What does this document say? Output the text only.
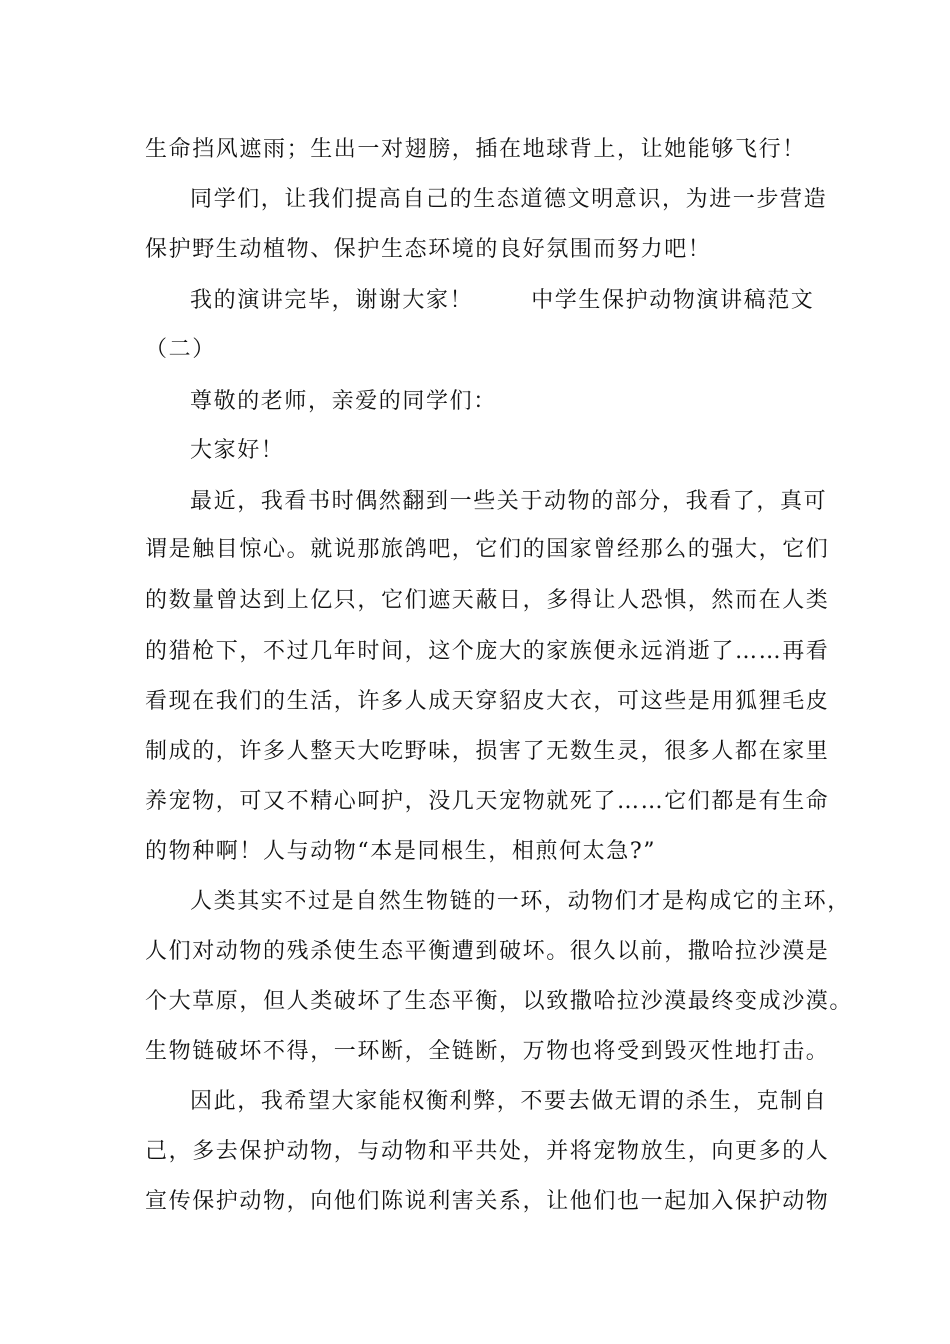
生命挡风遮雨；生出一对翅膀，插在地球背上，让她能够飞行！
同学们，让我们提高自己的生态道德文明意识，为进一步营造
保护野生动植物、保护生态环境的良好氛围而努力吧！
我的演讲完毕，谢谢大家！	中学生保护动物演讲稿范文
（二）
尊敬的老师，亲爱的同学们：
大家好！
最近，我看书时偶然翻到一些关于动物的部分，我看了，真可
谓是触目惊心。就说那旅鸽吧，它们的国家曾经那么的强大，它们
的数量曾达到上亿只，它们遮天蔽日，多得让人恐惧，然而在人类
的猎枪下，不过几年时间，这个庞大的家族便永远消逝了……再看
看现在我们的生活，许多人成天穿貂皮大衣，可这些是用狐狸毛皮
制成的，许多人整天大吃野味，损害了无数生灵，很多人都在家里
养宠物，可又不精心呵护，没几天宠物就死了……它们都是有生命
的物种啊！人与动物“本是同根生，相煎何太急?”
人类其实不过是自然生物链的一环，动物们才是构成它的主环，
人们对动物的残杀使生态平衡遭到破坏。很久以前，撒哈拉沙漠是
个大草原，但人类破坏了生态平衡，以致撒哈拉沙漠最终变成沙漠。
生物链破坏不得，一环断，全链断，万物也将受到毁灭性地打击。
因此，我希望大家能权衡利弊，不要去做无谓的杀生，克制自
己，多去保护动物，与动物和平共处，并将宠物放生，向更多的人
宣传保护动物，向他们陈说利害关系，让他们也一起加入保护动物
